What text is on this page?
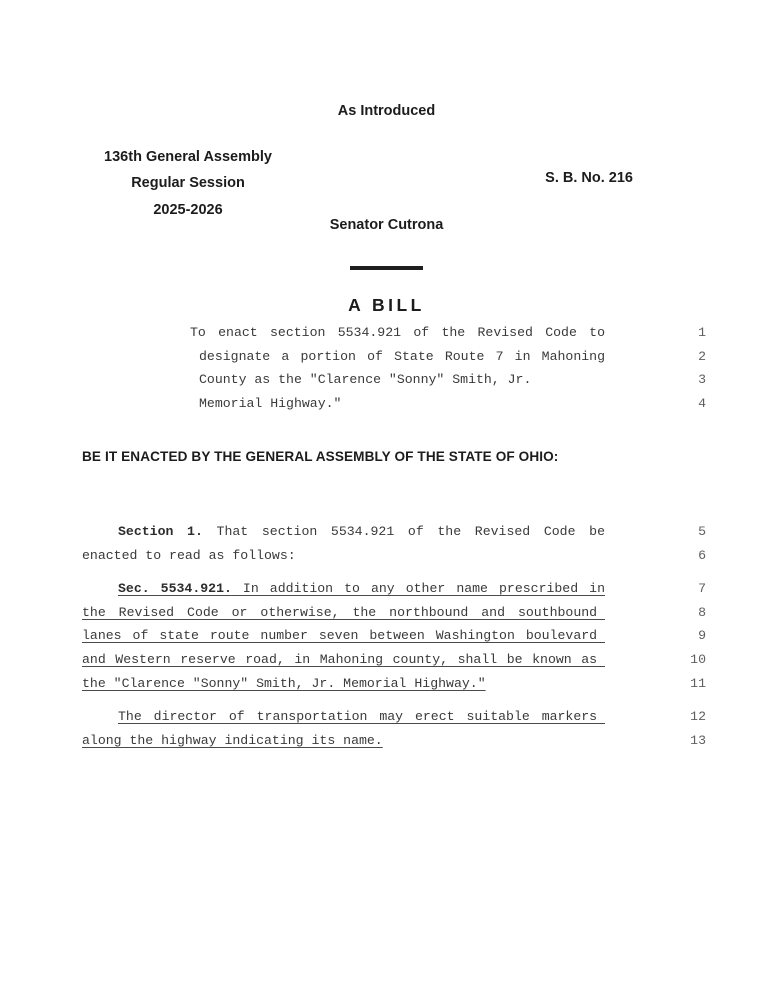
As Introduced
136th General Assembly
Regular Session
2025-2026
S. B. No. 216
Senator Cutrona
A BILL
To enact section 5534.921 of the Revised Code to	1
designate a portion of State Route 7 in Mahoning	2
County as the "Clarence "Sonny" Smith, Jr.	3
Memorial Highway."	4
BE IT ENACTED BY THE GENERAL ASSEMBLY OF THE STATE OF OHIO:
Section 1. That section 5534.921 of the Revised Code be	5
enacted to read as follows:	6
Sec. 5534.921. In addition to any other name prescribed in	7
the Revised Code or otherwise, the northbound and southbound	8
lanes of state route number seven between Washington boulevard	9
and Western reserve road, in Mahoning county, shall be known as	10
the "Clarence "Sonny" Smith, Jr. Memorial Highway."	11
The director of transportation may erect suitable markers	12
along the highway indicating its name.	13
